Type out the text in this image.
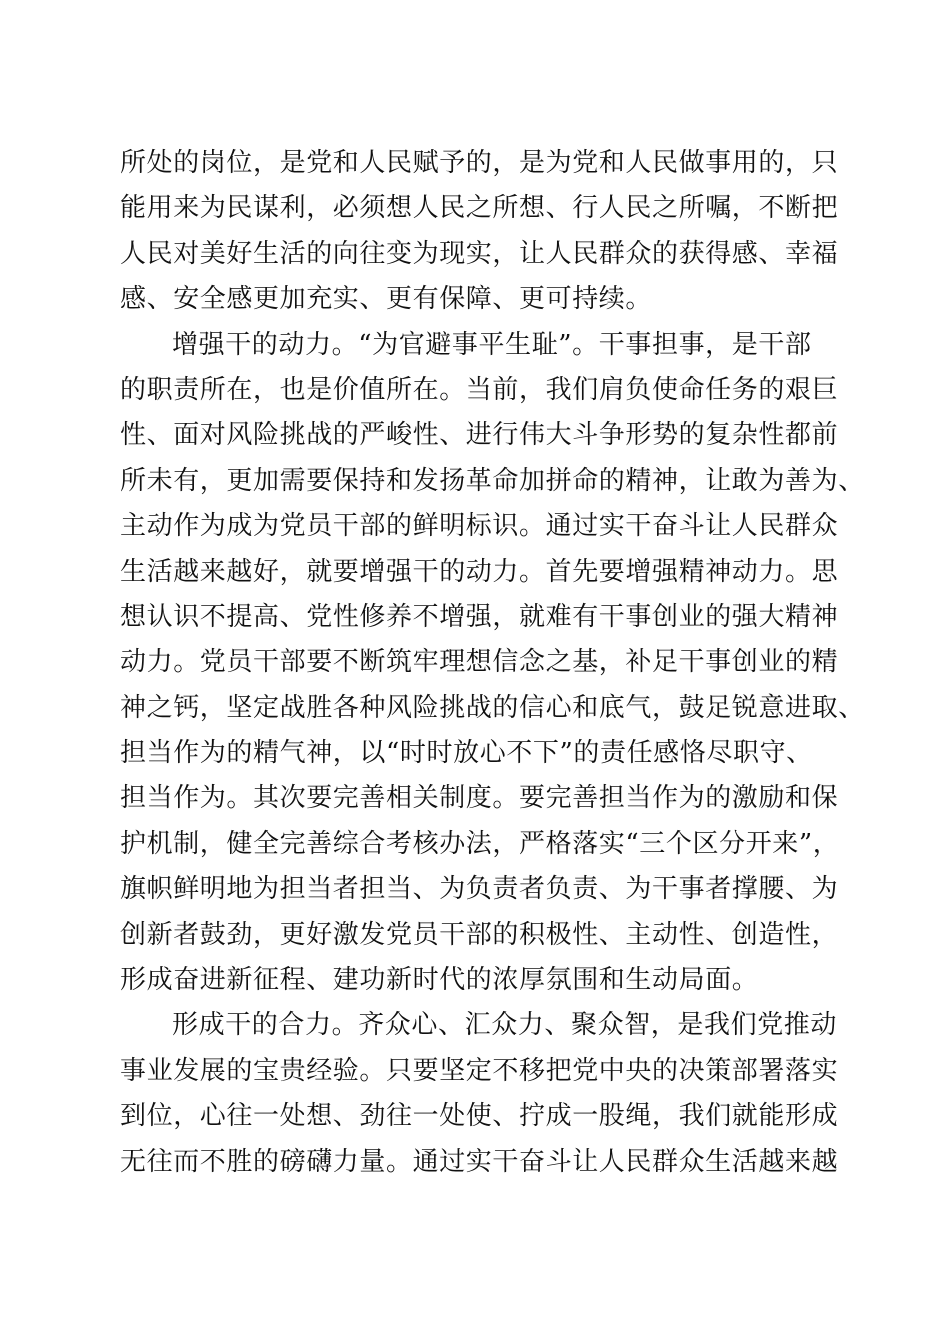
所处的岗位，是党和人民赋予的，是为党和人民做事用的，只
能用来为民谋利，必须想人民之所想、行人民之所嘱，不断把
人民对美好生活的向往变为现实，让人民群众的获得感、幸福
感、安全感更加充实、更有保障、更可持续。
增强干的动力。“为官避事平生耻”。干事担事，是干部
的职责所在，也是价值所在。当前，我们肩负使命任务的艰巨
性、面对风险挑战的严峻性、进行伟大斗争形势的复杂性都前
所未有，更加需要保持和发扬革命加拼命的精神，让敢为善为、
主动作为成为党员干部的鲜明标识。通过实干奋斗让人民群众
生活越来越好，就要增强干的动力。首先要增强精神动力。思
想认识不提高、党性修养不增强，就难有干事创业的强大精神
动力。党员干部要不断筑牢理想信念之基，补足干事创业的精
神之钙，坚定战胜各种风险挑战的信心和底气，鼓足锐意进取、
担当作为的精气神，以“时时放心不下”的责任感恪尽职守、
担当作为。其次要完善相关制度。要完善担当作为的激励和保
护机制，健全完善综合考核办法，严格落实“三个区分开来”，
旗帜鲜明地为担当者担当、为负责者负责、为干事者撑腰、为
创新者鼓劲，更好激发党员干部的积极性、主动性、创造性，
形成奋进新征程、建功新时代的浓厚氛围和生动局面。
形成干的合力。齐众心、汇众力、聚众智，是我们党推动
事业发展的宝贵经验。只要坚定不移把党中央的决策部署落实
到位，心往一处想、劲往一处使、拧成一股绳，我们就能形成
无往而不胜的磅礴力量。通过实干奋斗让人民群众生活越来越
